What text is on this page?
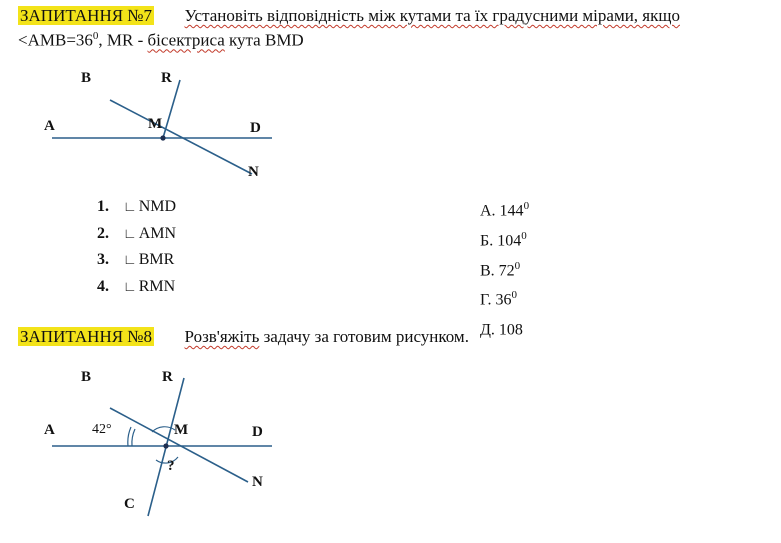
ЗАПИТАННЯ №7 Установіть відповідність між кутами та їх градусними мірами, якщо
$<AMB=36^0$, MR - бісектриса кута BMD
B	R
A	M	D
N
1. ∟ NMD
2. ∟ AMN
3. ∟ BMR
4. ∟ RMN
А. $144^0$
Б. $104^0$
В. $72^0$
Г. $36^0$
Д. 108
ЗАПИТАННЯ №8 Розв'яжіть задачу за готовим рисунком.
B	R
A	42°	M	D
?
N
C
